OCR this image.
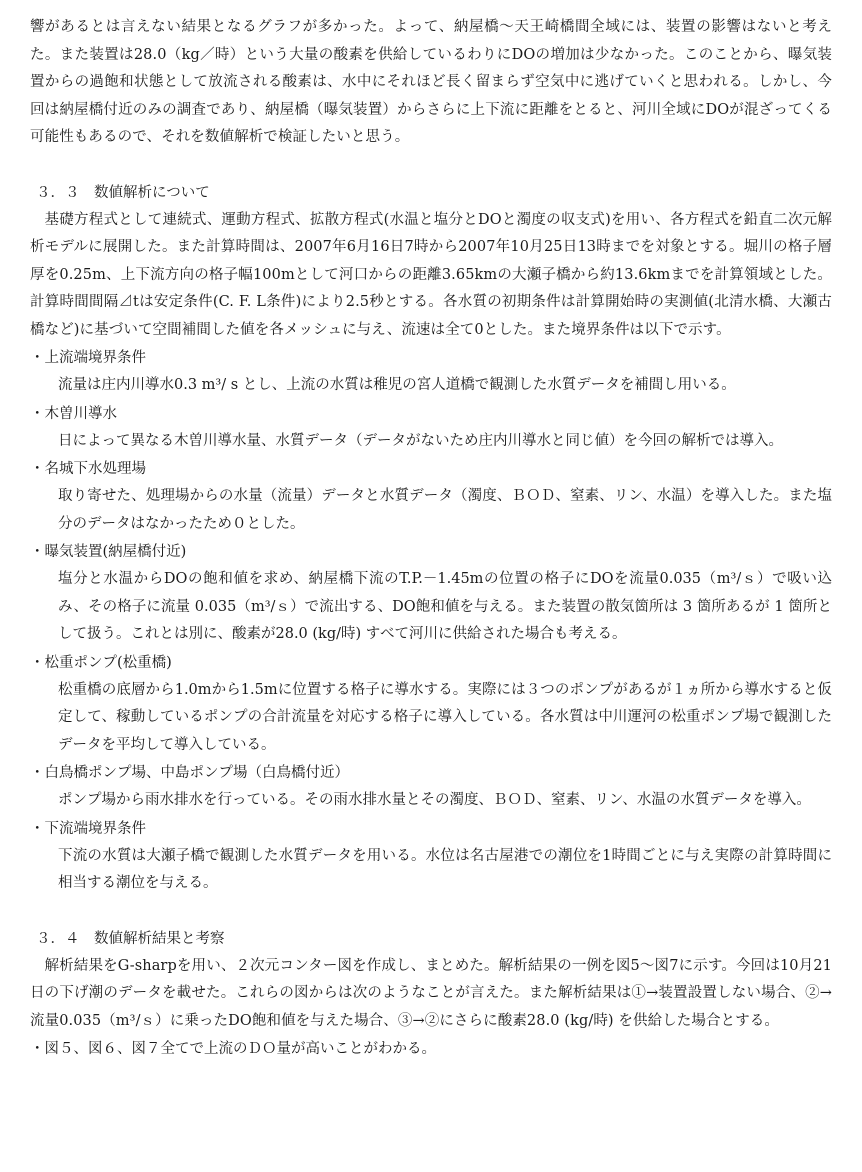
響があるとは言えない結果となるグラフが多かった。よって、納屋橋～天王崎橋間全域には、装置の影響はないと考えた。また装置は28.0（kg／時）という大量の酸素を供給しているわりにDOの増加は少なかった。このことから、曝気装置からの過飽和状態として放流される酸素は、水中にそれほど長く留まらず空気中に逃げていくと思われる。しかし、今回は納屋橋付近のみの調査であり、納屋橋（曝気装置）からさらに上下流に距離をとると、河川全域にDOが混ざってくる可能性もあるので、それを数値解析で検証したいと思う。

３．３　数値解析について

基礎方程式として連続式、運動方程式、拡散方程式(水温と塩分とDOと濁度の収支式)を用い、各方程式を鉛直二次元解析モデルに展開した。また計算時間は、2007年6月16日7時から2007年10月25日13時までを対象とする。堀川の格子層厚を0.25m、上下流方向の格子幅100mとして河口からの距離3.65kmの大瀬子橋から約13.6kmまでを計算領域とした。計算時間間隔⊿tは安定条件(C. F. L条件)により2.5秒とする。各水質の初期条件は計算開始時の実測値(北清水橋、大瀬古橋など)に基づいて空間補間した値を各メッシュに与え、流速は全て0とした。また境界条件は以下で示す。

・上流端境界条件
流量は庄内川導水0.3 m³/ s とし、上流の水質は稚児の宮人道橋で観測した水質データを補間し用いる。
・木曽川導水
日によって異なる木曽川導水量、水質データ（データがないため庄内川導水と同じ値）を今回の解析では導入。
・名城下水処理場
取り寄せた、処理場からの水量（流量）データと水質データ（濁度、ＢＯＤ、窒素、リン、水温）を導入した。また塩分のデータはなかったため０とした。
・曝気装置(納屋橋付近)
塩分と水温からDOの飽和値を求め、納屋橋下流のT.P.－1.45mの位置の格子にDOを流量0.035（m³/ｓ）で吸い込み、その格子に流量 0.035（m³/ｓ）で流出する、DO飽和値を与える。また装置の散気箇所は 3 箇所あるが 1 箇所として扱う。これとは別に、酸素が28.0 (kg/時) すべて河川に供給された場合も考える。
・松重ポンプ(松重橋)
松重橋の底層から1.0mから1.5mに位置する格子に導水する。実際には３つのポンプがあるが１ヵ所から導水すると仮定して、稼動しているポンプの合計流量を対応する格子に導入している。各水質は中川運河の松重ポンプ場で観測したデータを平均して導入している。
・白鳥橋ポンプ場、中島ポンプ場（白鳥橋付近）
ポンプ場から雨水排水を行っている。その雨水排水量とその濁度、ＢＯＤ、窒素、リン、水温の水質データを導入。
・下流端境界条件
下流の水質は大瀬子橋で観測した水質データを用いる。水位は名古屋港での潮位を1時間ごとに与え実際の計算時間に相当する潮位を与える。
３．４　数値解析結果と考察

解析結果をG-sharpを用い、２次元コンター図を作成し、まとめた。解析結果の一例を図5～図7に示す。今回は10月21日の下げ潮のデータを載せた。これらの図からは次のようなことが言えた。また解析結果は①→装置設置しない場合、②→流量0.035（m³/ｓ）に乗ったDO飽和値を与えた場合、③→②にさらに酸素28.0 (kg/時) を供給した場合とする。

・図５、図６、図７全てで上流のＤＯ量が高いことがわかる。
